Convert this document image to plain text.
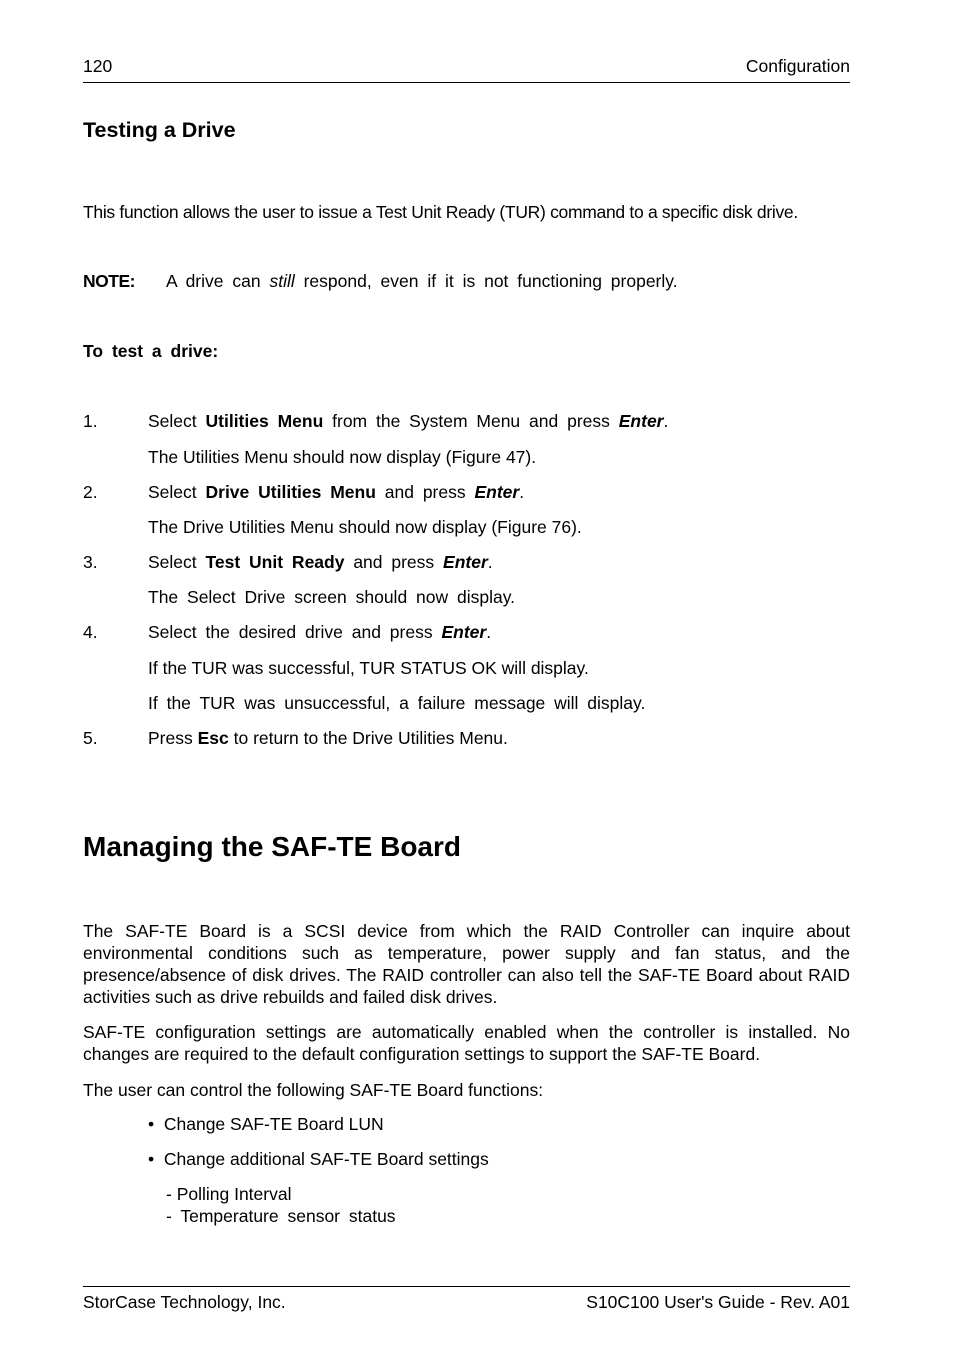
120	Configuration
Testing a Drive
This function allows the user to issue a Test Unit Ready (TUR) command to a specific disk drive.
NOTE: A drive can still respond, even if it is not functioning properly.
To test a drive:
1.	Select Utilities Menu from the System Menu and press Enter.
The Utilities Menu should now display (Figure 47).
2.	Select Drive Utilities Menu and press Enter.
The Drive Utilities Menu should now display (Figure 76).
3.	Select Test Unit Ready and press Enter.
The Select Drive screen should now display.
4.	Select the desired drive and press Enter.
If the TUR was successful, TUR STATUS OK will display.
If the TUR was unsuccessful, a failure message will display.
5.	Press Esc to return to the Drive Utilities Menu.
Managing the SAF-TE Board
The SAF-TE Board is a SCSI device from which the RAID Controller can inquire about environmental conditions such as temperature, power supply and fan status, and the presence/absence of disk drives. The RAID controller can also tell the SAF-TE Board about RAID activities such as drive rebuilds and failed disk drives.
SAF-TE configuration settings are automatically enabled when the controller is installed. No changes are required to the default configuration settings to support the SAF-TE Board.
The user can control the following SAF-TE Board functions:
•  Change SAF-TE Board LUN
•  Change additional SAF-TE Board settings
- Polling Interval
- Temperature sensor status
StorCase Technology, Inc.	S10C100 User's Guide - Rev. A01
